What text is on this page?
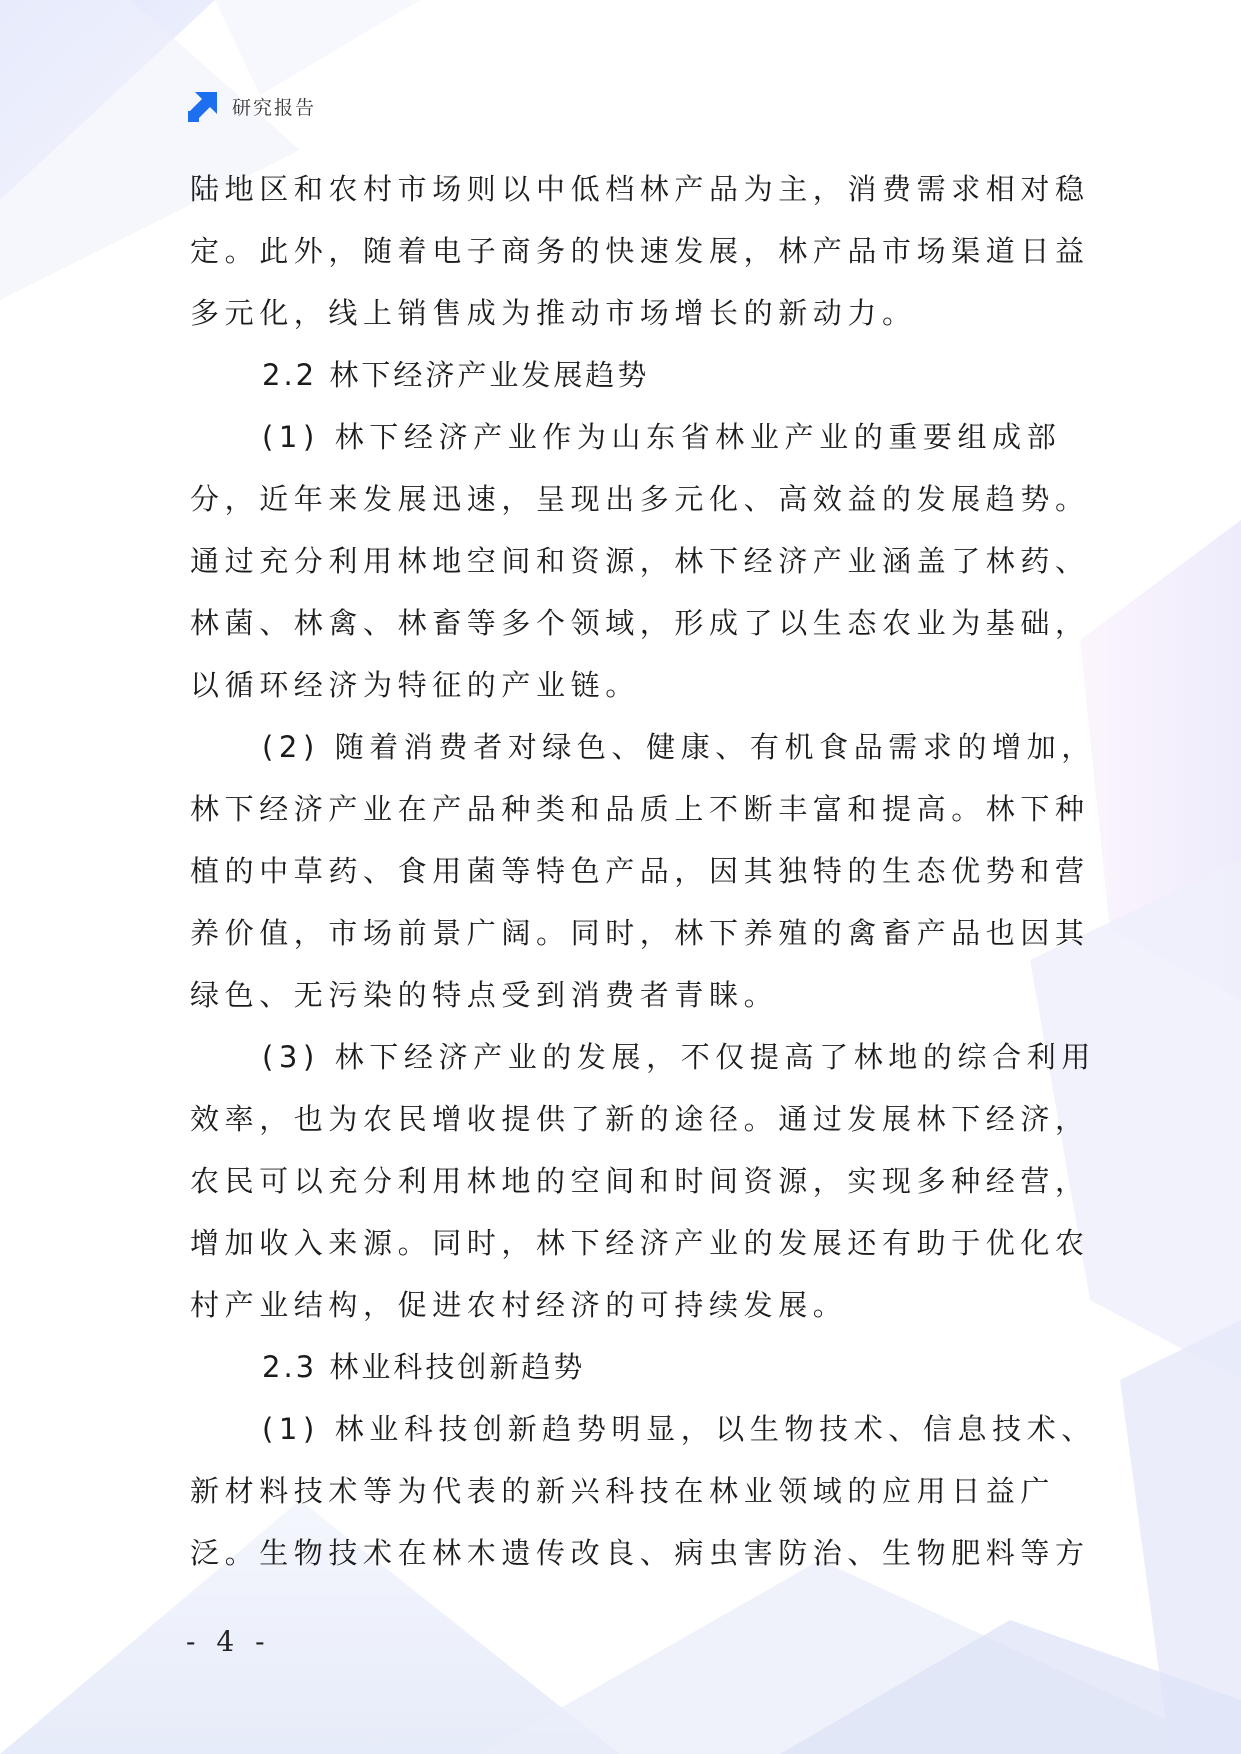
研究报告

陆地区和农村市场则以中低档林产品为主，消费需求相对稳

定。此外，随着电子商务的快速发展，林产品市场渠道日益

多元化，线上销售成为推动市场增长的新动力。

2.2 林下经济产业发展趋势

(1) 林下经济产业作为山东省林业产业的重要组成部

分，近年来发展迅速，呈现出多元化、高效益的发展趋势。

通过充分利用林地空间和资源，林下经济产业涵盖了林药、

林菌、林禽、林畜等多个领域，形成了以生态农业为基础，

以循环经济为特征的产业链。

(2) 随着消费者对绿色、健康、有机食品需求的增加，

林下经济产业在产品种类和品质上不断丰富和提高。林下种

植的中草药、食用菌等特色产品，因其独特的生态优势和营

养价值，市场前景广阔。同时，林下养殖的禽畜产品也因其

绿色、无污染的特点受到消费者青睐。

(3) 林下经济产业的发展，不仅提高了林地的综合利用

效率，也为农民增收提供了新的途径。通过发展林下经济，

农民可以充分利用林地的空间和时间资源，实现多种经营，

增加收入来源。同时，林下经济产业的发展还有助于优化农

村产业结构，促进农村经济的可持续发展。

2.3 林业科技创新趋势

(1) 林业科技创新趋势明显，以生物技术、信息技术、

新材料技术等为代表的新兴科技在林业领域的应用日益广

泛。生物技术在林木遗传改良、病虫害防治、生物肥料等方

- 4 -
